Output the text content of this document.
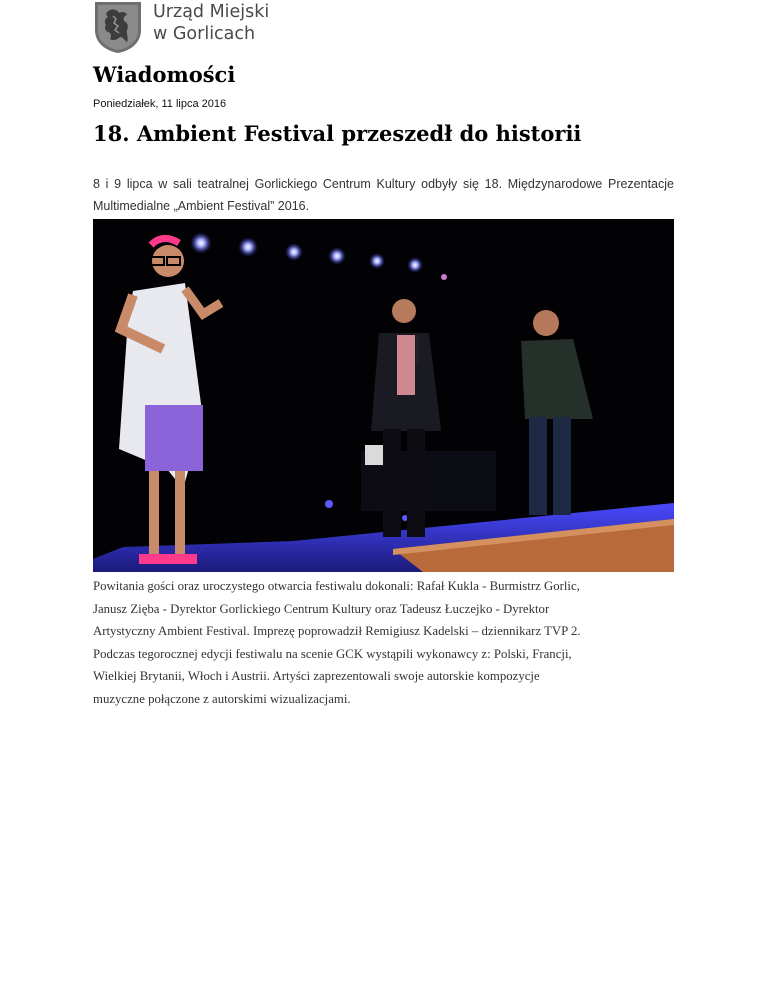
Urząd Miejski
w Gorlicach
Wiadomości
Poniedziałek, 11 lipca 2016
18. Ambient Festival przeszedł do historii

8 i 9 lipca w sali teatralnej Gorlickiego Centrum Kultury odbyły się 18. Międzynarodowe Prezentacje Multimedialne „Ambient Festival” 2016.

Powitania gości oraz uroczystego otwarcia festiwalu dokonali: Rafał Kukla - Burmistrz Gorlic,
Janusz Zięba - Dyrektor Gorlickiego Centrum Kultury oraz Tadeusz Łuczejko - Dyrektor
Artystyczny Ambient Festival. Imprezę poprowadził Remigiusz Kadelski – dziennikarz TVP 2.
Podczas tegorocznej edycji festiwalu na scenie GCK wystąpili wykonawcy z: Polski, Francji,
Wielkiej Brytanii, Włoch i Austrii. Artyści zaprezentowali swoje autorskie kompozycje
muzyczne połączone z autorskimi wizualizacjami.
